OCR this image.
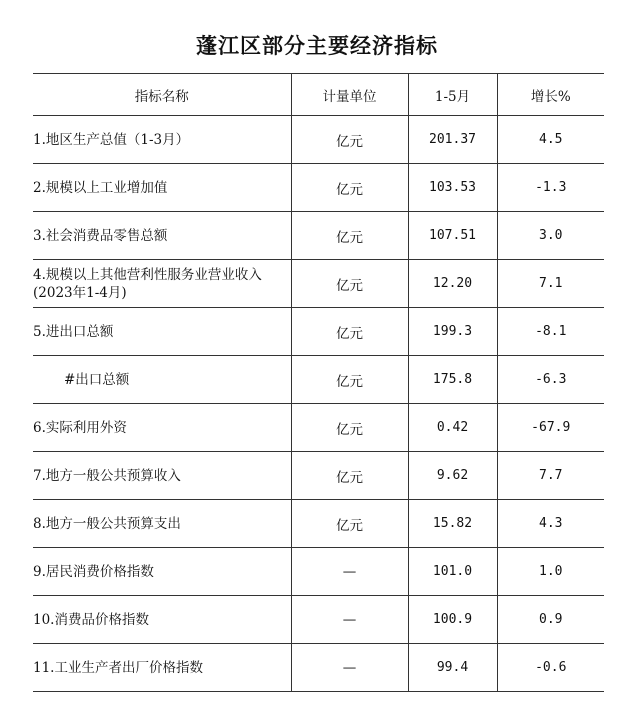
蓬江区部分主要经济指标
指标名称	计量单位	1-5月	增长%
1.地区生产总值（1-3月）	亿元	201.37	4.5
2.规模以上工业增加值	亿元	103.53	-1.3
3.社会消费品零售总额	亿元	107.51	3.0
4.规模以上其他营利性服务业营业收入(2023年1-4月)	亿元	12.20	7.1
5.进出口总额	亿元	199.3	-8.1
#出口总额	亿元	175.8	-6.3
6.实际利用外资	亿元	0.42	-67.9
7.地方一般公共预算收入	亿元	9.62	7.7
8.地方一般公共预算支出	亿元	15.82	4.3
9.居民消费价格指数	—	101.0	1.0
10.消费品价格指数	—	100.9	0.9
11.工业生产者出厂价格指数	—	99.4	-0.6
